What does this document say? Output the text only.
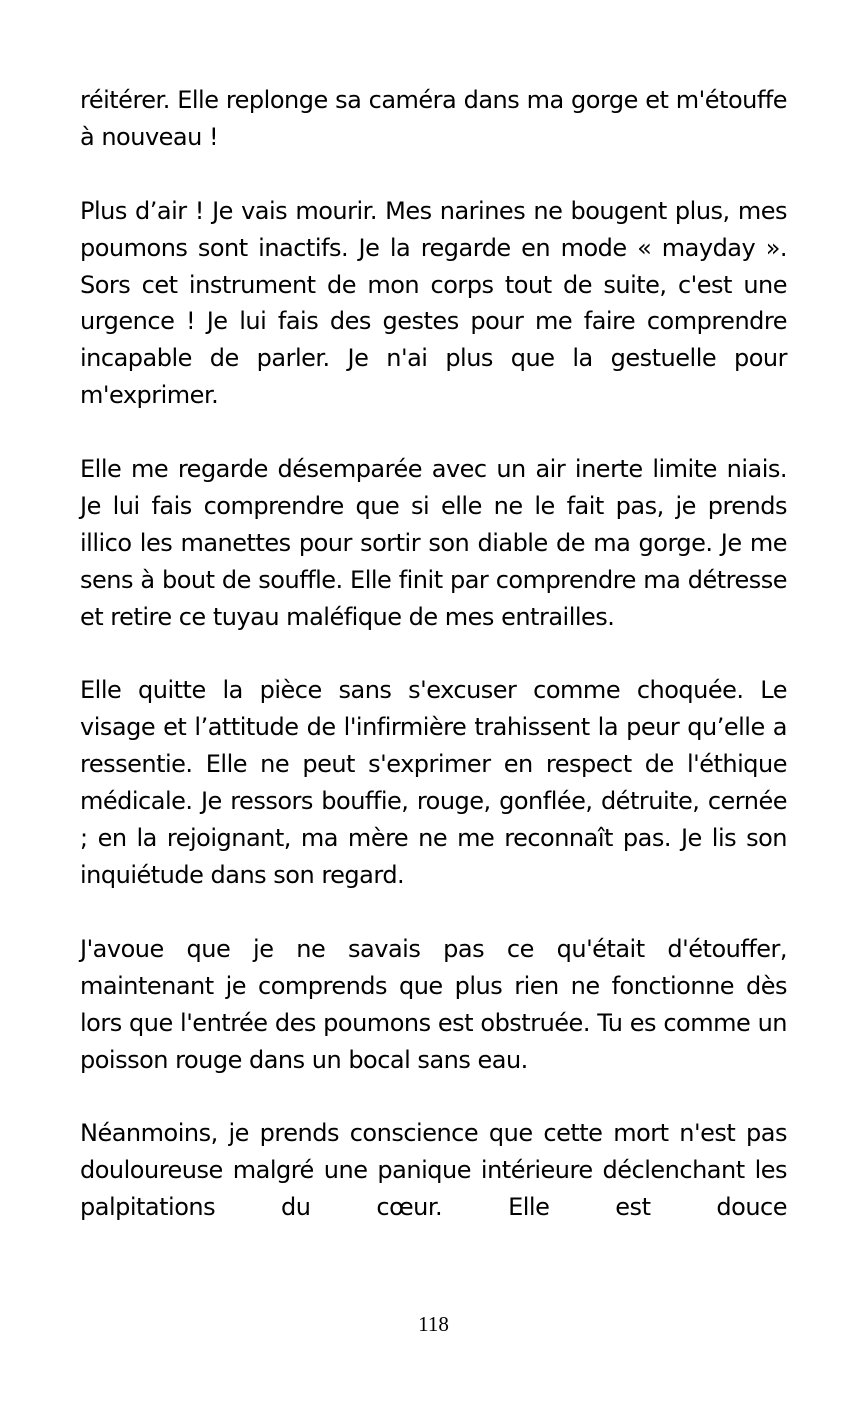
réitérer. Elle replonge sa caméra dans ma gorge et m'étouffe à nouveau !

Plus d’air ! Je vais mourir. Mes narines ne bougent plus, mes poumons sont inactifs. Je la regarde en mode « mayday ». Sors cet instrument de mon corps tout de suite, c'est une urgence ! Je lui fais des gestes pour me faire comprendre incapable de parler. Je n'ai plus que la gestuelle pour m'exprimer.

Elle me regarde désemparée avec un air inerte limite niais. Je lui fais comprendre que si elle ne le fait pas, je prends illico les manettes pour sortir son diable de ma gorge. Je me sens à bout de souffle. Elle finit par comprendre ma détresse et retire ce tuyau maléfique de mes entrailles.

Elle quitte la pièce sans s'excuser comme choquée. Le visage et l’attitude de l'infirmière trahissent la peur qu’elle a ressentie. Elle ne peut s'exprimer en respect de l'éthique médicale. Je ressors bouffie, rouge, gonflée, détruite, cernée ; en la rejoignant, ma mère ne me reconnaît pas. Je lis son inquiétude dans son regard.

J'avoue que je ne savais pas ce qu'était d'étouffer, maintenant je comprends que plus rien ne fonctionne dès lors que l'entrée des poumons est obstruée. Tu es comme un poisson rouge dans un bocal sans eau.

Néanmoins, je prends conscience que cette mort n'est pas douloureuse malgré une panique intérieure déclenchant les palpitations du cœur. Elle est douce

118
